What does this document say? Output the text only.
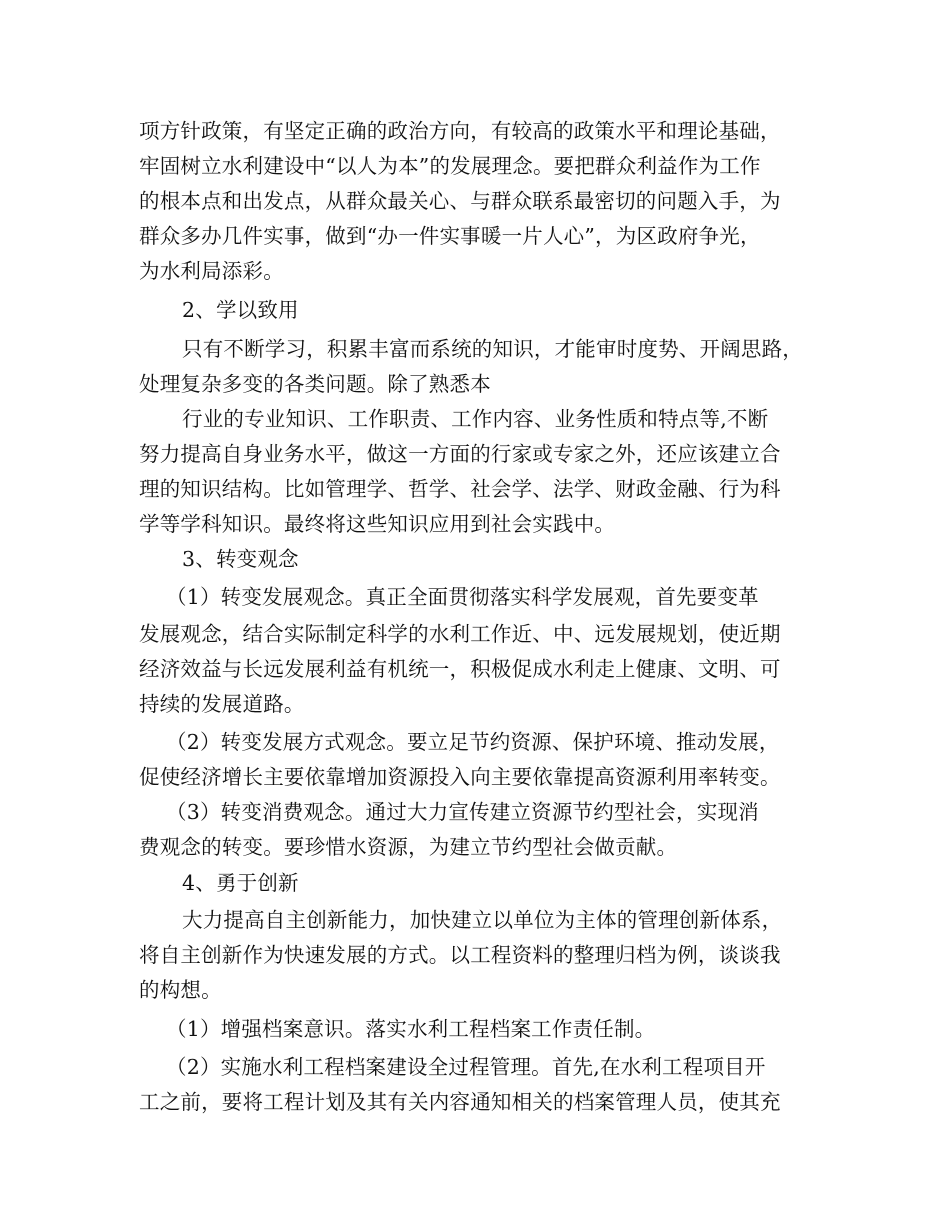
项方针政策，有坚定正确的政治方向，有较高的政策水平和理论基础，
牢固树立水利建设中“以人为本”的发展理念。要把群众利益作为工作
的根本点和出发点，从群众最关心、与群众联系最密切的问题入手，为
群众多办几件实事，做到“办一件实事暖一片人心”，为区政府争光，
为水利局添彩。
2、学以致用
只有不断学习，积累丰富而系统的知识，才能审时度势、开阔思路，
处理复杂多变的各类问题。除了熟悉本
行业的专业知识、工作职责、工作内容、业务性质和特点等,不断
努力提高自身业务水平，做这一方面的行家或专家之外，还应该建立合
理的知识结构。比如管理学、哲学、社会学、法学、财政金融、行为科
学等学科知识。最终将这些知识应用到社会实践中。
3、转变观念
（1）转变发展观念。真正全面贯彻落实科学发展观，首先要变革
发展观念，结合实际制定科学的水利工作近、中、远发展规划，使近期
经济效益与长远发展利益有机统一，积极促成水利走上健康、文明、可
持续的发展道路。
（2）转变发展方式观念。要立足节约资源、保护环境、推动发展，
促使经济增长主要依靠增加资源投入向主要依靠提高资源利用率转变。
（3）转变消费观念。通过大力宣传建立资源节约型社会，实现消
费观念的转变。要珍惜水资源，为建立节约型社会做贡献。
4、勇于创新
大力提高自主创新能力，加快建立以单位为主体的管理创新体系，
将自主创新作为快速发展的方式。以工程资料的整理归档为例，谈谈我
的构想。
（1）增强档案意识。落实水利工程档案工作责任制。
（2）实施水利工程档案建设全过程管理。首先,在水利工程项目开
工之前，要将工程计划及其有关内容通知相关的档案管理人员，使其充
